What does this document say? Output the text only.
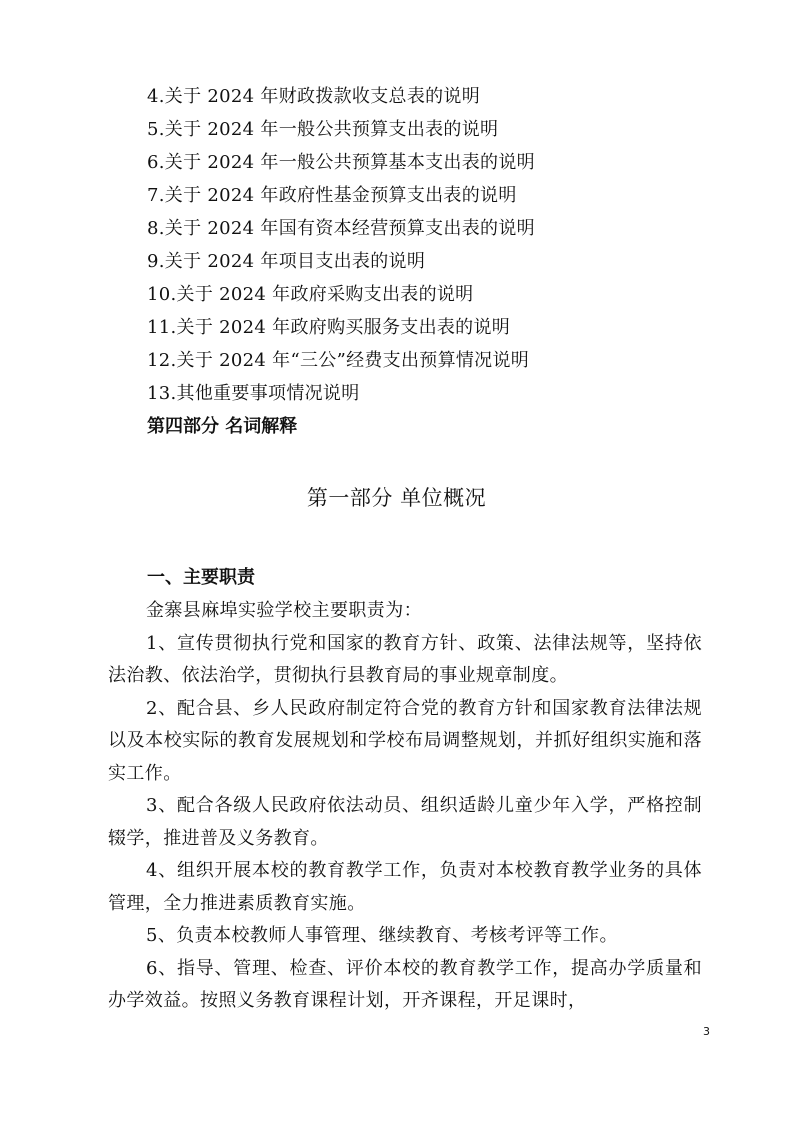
4.关于 2024 年财政拨款收支总表的说明
5.关于 2024 年一般公共预算支出表的说明
6.关于 2024 年一般公共预算基本支出表的说明
7.关于 2024 年政府性基金预算支出表的说明
8.关于 2024 年国有资本经营预算支出表的说明
9.关于 2024 年项目支出表的说明
10.关于 2024 年政府采购支出表的说明
11.关于 2024 年政府购买服务支出表的说明
12.关于 2024 年“三公”经费支出预算情况说明
13.其他重要事项情况说明
第四部分 名词解释
第一部分 单位概况
一、主要职责

金寨县麻埠实验学校主要职责为：

1、宣传贯彻执行党和国家的教育方针、政策、法律法规等，坚持依法治教、依法治学，贯彻执行县教育局的事业规章制度。

2、配合县、乡人民政府制定符合党的教育方针和国家教育法律法规以及本校实际的教育发展规划和学校布局调整规划，并抓好组织实施和落实工作。

3、配合各级人民政府依法动员、组织适龄儿童少年入学，严格控制辍学，推进普及义务教育。

4、组织开展本校的教育教学工作，负责对本校教育教学业务的具体管理，全力推进素质教育实施。

5、负责本校教师人事管理、继续教育、考核考评等工作。

6、指导、管理、检查、评价本校的教育教学工作，提高办学质量和办学效益。按照义务教育课程计划，开齐课程，开足课时，

3
